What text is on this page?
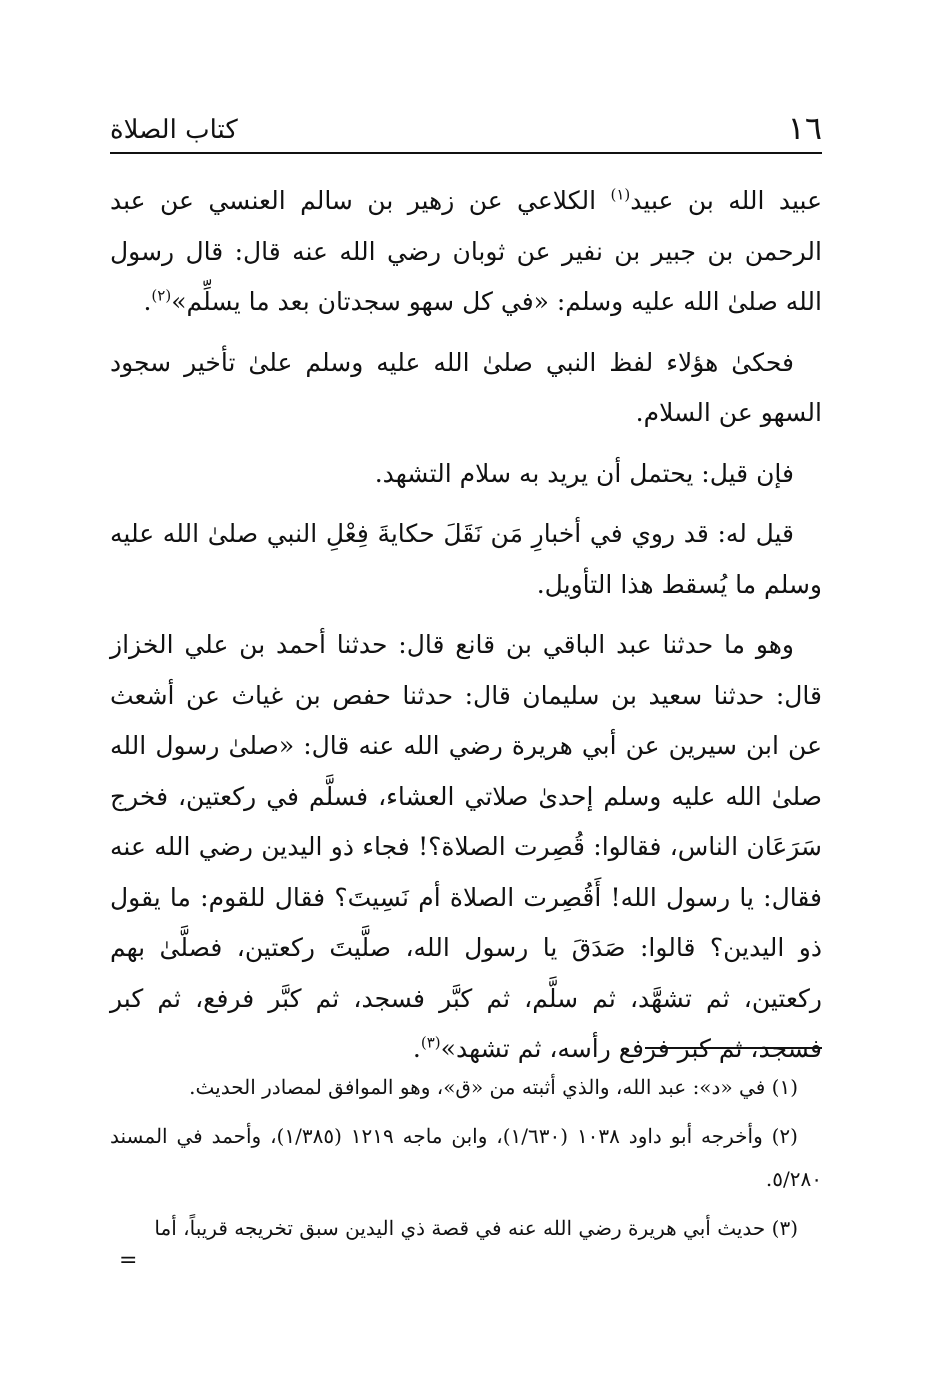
١٦
كتاب الصلاة

عبيد الله بن عبيد$^{(١)}$ الكلاعي عن زهير بن سالم العنسي عن عبد الرحمن بن جبير بن نفير عن ثوبان رضي الله عنه قال: قال رسول الله صلىٰ الله عليه وسلم: «في كل سهو سجدتان بعد ما يسلِّم»$^{(٢)}$.

فحكىٰ هؤلاء لفظ النبي صلىٰ الله عليه وسلم علىٰ تأخير سجود السهو عن السلام.

فإن قيل: يحتمل أن يريد به سلام التشهد.

قيل له: قد روي في أخبارِ مَن نَقَلَ حكايةَ فِعْلِ النبي صلىٰ الله عليه وسلم ما يُسقط هذا التأويل.

وهو ما حدثنا عبد الباقي بن قانع قال: حدثنا أحمد بن علي الخزاز قال: حدثنا سعيد بن سليمان قال: حدثنا حفص بن غياث عن أشعث عن ابن سيرين عن أبي هريرة رضي الله عنه قال: «صلىٰ رسول الله صلىٰ الله عليه وسلم إحدىٰ صلاتي العشاء، فسلَّم في ركعتين، فخرج سَرَعَان الناس، فقالوا: قُصِرت الصلاة؟! فجاء ذو اليدين رضي الله عنه فقال: يا رسول الله! أَقُصِرت الصلاة أم نَسِيتَ؟ فقال للقوم: ما يقول ذو اليدين؟ قالوا: صَدَقَ يا رسول الله، صلَّيتَ ركعتين، فصلَّىٰ بهم ركعتين، ثم تشهَّد، ثم سلَّم، ثم كبَّر فسجد، ثم كبَّر فرفع، ثم كبر فسجد، ثم كبر فرفع رأسه، ثم تشهد»$^{(٣)}$.

(١) في «د»: عبد الله، والذي أثبته من «ق»، وهو الموافق لمصادر الحديث.

(٢) وأخرجه أبو داود ١٠٣٨ (١/٦٣٠)، وابن ماجه ١٢١٩ (١/٣٨٥)، وأحمد في المسند ٥/٢٨٠.

(٣) حديث أبي هريرة رضي الله عنه في قصة ذي اليدين سبق تخريجه قريباً، أما

=
